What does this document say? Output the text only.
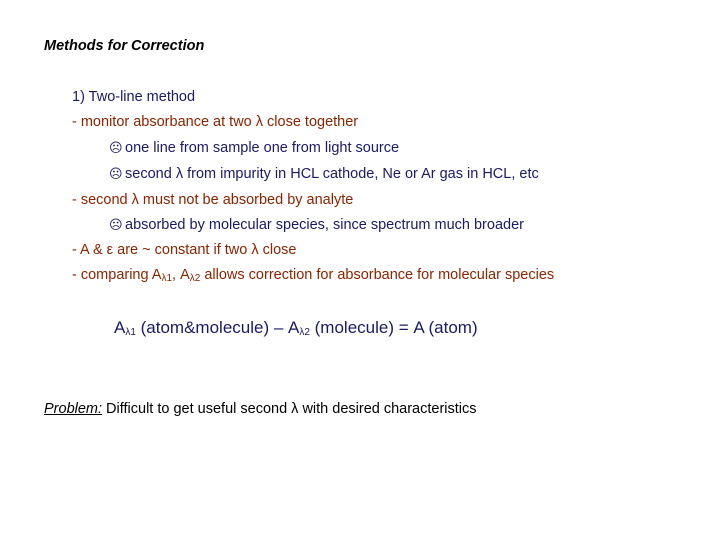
Methods for Correction
1) Two-line method
- monitor absorbance at two λ close together
☹ one line from sample one from light source
☹ second λ from impurity in HCL cathode, Ne or Ar gas in HCL, etc
- second λ must not be absorbed by analyte
☹ absorbed by molecular species, since spectrum much broader
- A & ε are ~ constant if two λ close
- comparing $A_{\lambda 1}$, $A_{\lambda 2}$ allows correction for absorbance for molecular species
$A_{\lambda 1}$ (atom&molecule) – $A_{\lambda 2}$ (molecule) = A (atom)
Problem: Difficult to get useful second λ with desired characteristics
